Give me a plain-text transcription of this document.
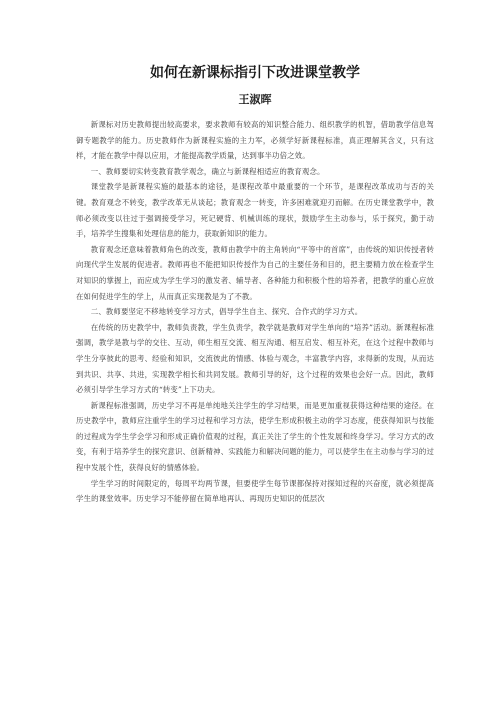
如何在新课标指引下改进课堂教学
王淑晖

新课标对历史教师提出较高要求，要求教师有较高的知识整合能力、组织教学的机智，借助教学信息驾御专题教学的能力。历史教师作为新课程实施的主力军，必须学好新课程标准，真正理解其含义，只有这样，才能在教学中得以应用，才能提高教学质量，达到事半功倍之效。

一、教师要切实转变教育教学观念，确立与新课程相适应的教育观念。

课堂教学是新课程实施的最基本的途径，是课程改革中最重要的一个环节，是课程改革成功与否的关键。教育观念不转变，教学改革无从谈起；教育观念一转变，许多困难就迎刃而解。在历史课堂教学中，教师必须改变以往过于强调接受学习，死记硬背、机械训练的现状，鼓励学生主动参与，乐于探究，勤于动手，培养学生搜集和处理信息的能力，获取新知识的能力。

教育观念还意味着教师角色的改变，教师由教学中的主角转向“平等中的首席”，由传统的知识传授者转向现代学生发展的促进者。教师再也不能把知识传授作为自己的主要任务和目的，把主要精力放在检查学生对知识的掌握上，而应成为学生学习的激发者、辅导者、各种能力和积极个性的培养者，把教学的重心应放在如何促进学生的学上，从而真正实现教是为了不教。

二、教师要坚定不移地转变学习方式，倡导学生自主、探究、合作式的学习方式。

在传统的历史教学中，教师负责教，学生负责学，教学就是教师对学生单向的“培养”活动。新课程标准强调，教学是教与学的交往、互动，师生相互交流、相互沟通、相互启发、相互补充，在这个过程中教师与学生分享彼此的思考、经验和知识，交流彼此的情感、体验与观念，丰富教学内容，求得新的发现，从而达到共识、共享、共进，实现教学相长和共同发展。教师引导的好，这个过程的效果也会好一点。因此，教师必须引导学生学习方式的“转变”上下功夫。

新课程标准强调，历史学习不再是单纯地关注学生的学习结果，而是更加重视获得这种结果的途径。在历史教学中，教师应注重学生的学习过程和学习方法，使学生形成积极主动的学习态度，使获得知识与技能的过程成为学生学会学习和形成正确价值观的过程，真正关注了学生的个性发展和终身学习。学习方式的改变，有利于培养学生的探究意识、创新精神、实践能力和解决问题的能力，可以使学生在主动参与学习的过程中发展个性，获得良好的情感体验。

学生学习的时间限定的，每周平均两节课，但要使学生每节课都保持对探知过程的兴奋度，就必须提高学生的课堂效率。历史学习不能停留在简单地再认、再现历史知识的低层次
